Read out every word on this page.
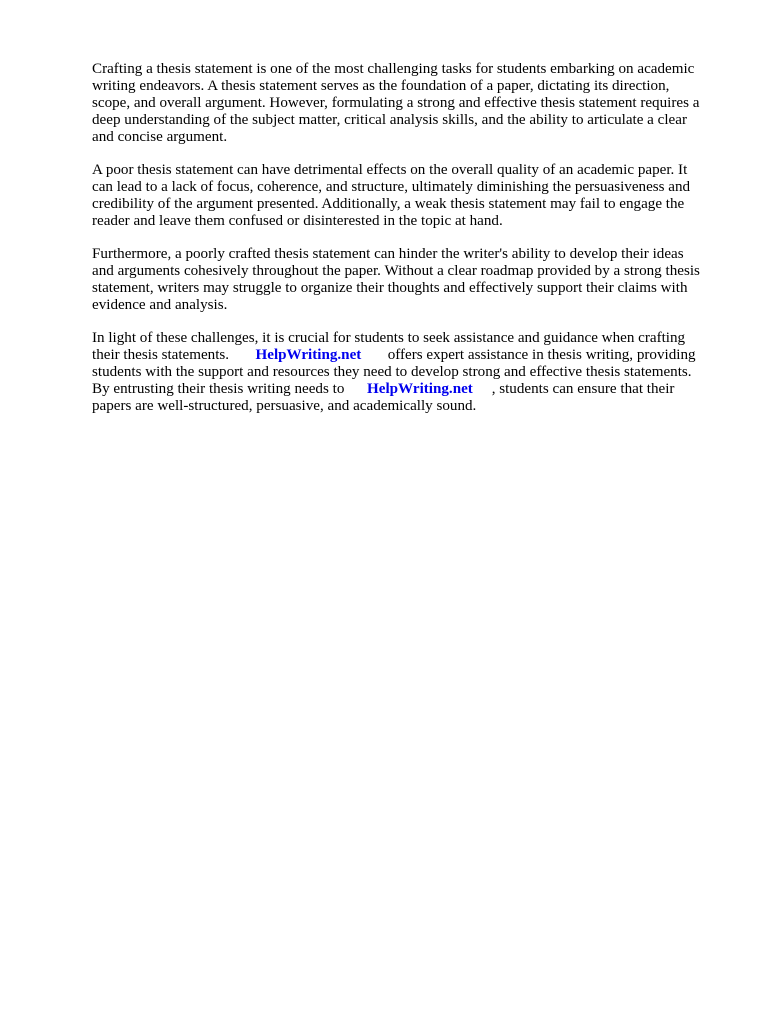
Crafting a thesis statement is one of the most challenging tasks for students embarking on academic
writing endeavors. A thesis statement serves as the foundation of a paper, dictating its direction,
scope, and overall argument. However, formulating a strong and effective thesis statement requires a
deep understanding of the subject matter, critical analysis skills, and the ability to articulate a clear
and concise argument.

A poor thesis statement can have detrimental effects on the overall quality of an academic paper. It
can lead to a lack of focus, coherence, and structure, ultimately diminishing the persuasiveness and
credibility of the argument presented. Additionally, a weak thesis statement may fail to engage the
reader and leave them confused or disinterested in the topic at hand.

Furthermore, a poorly crafted thesis statement can hinder the writer's ability to develop their ideas
and arguments cohesively throughout the paper. Without a clear roadmap provided by a strong thesis
statement, writers may struggle to organize their thoughts and effectively support their claims with
evidence and analysis.

In light of these challenges, it is crucial for students to seek assistance and guidance when crafting
their thesis statements.       HelpWriting.net       offers expert assistance in thesis writing, providing
students with the support and resources they need to develop strong and effective thesis statements.
By entrusting their thesis writing needs to      HelpWriting.net     , students can ensure that their
papers are well-structured, persuasive, and academically sound.
